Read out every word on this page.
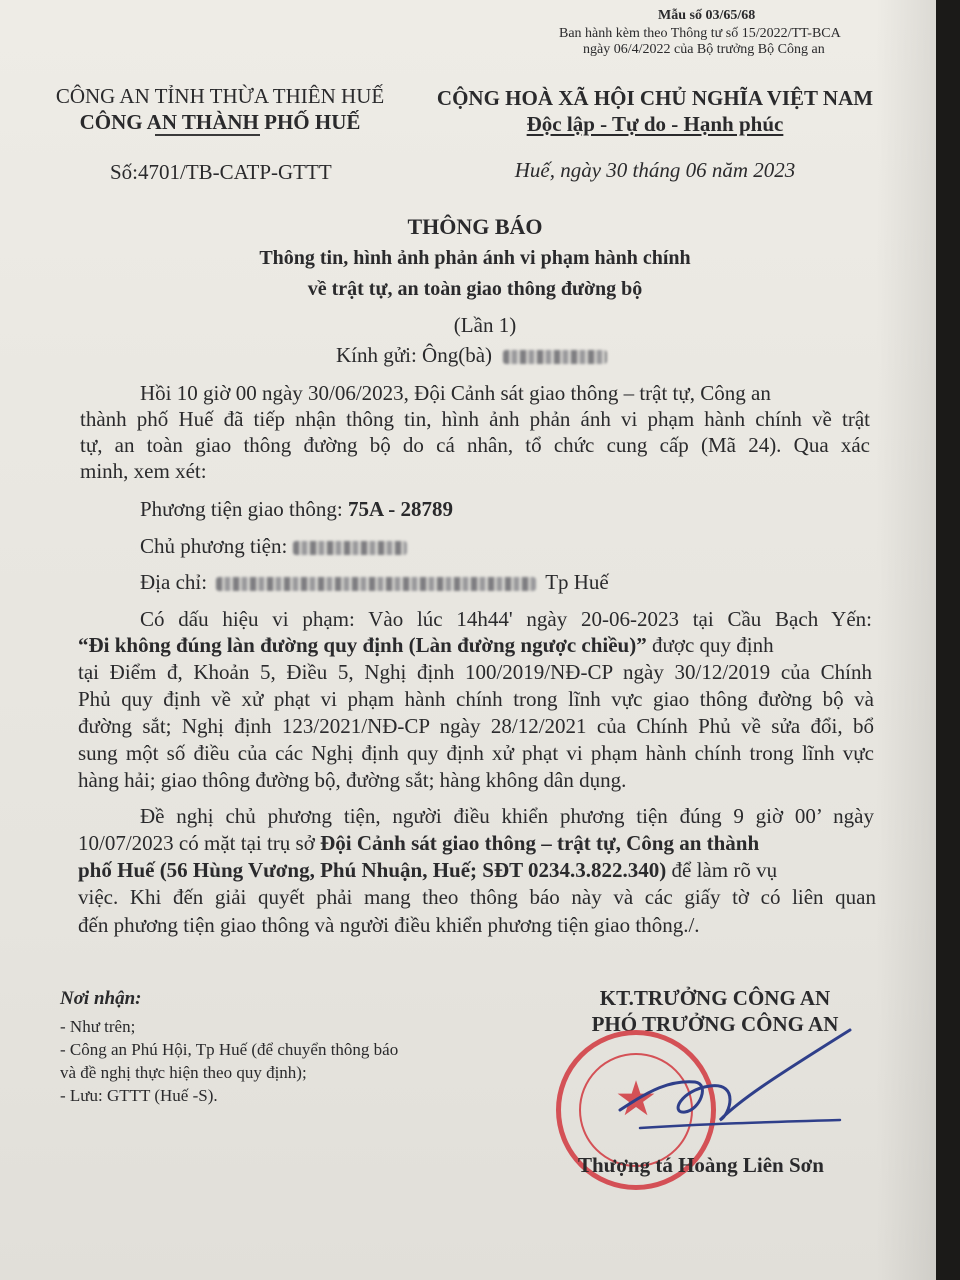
Mẫu số 03/65/68
Ban hành kèm theo Thông tư số 15/2022/TT-BCA
ngày 06/4/2022 của Bộ trưởng Bộ Công an
CÔNG AN TỈNH THỪA THIÊN HUẾ
CÔNG AN THÀNH PHỐ HUẾ
Số:4701/TB-CATP-GTTT
CỘNG HOÀ XÃ HỘI CHỦ NGHĨA VIỆT NAM
Độc lập - Tự do - Hạnh phúc
Huế, ngày 30 tháng 06 năm 2023
THÔNG BÁO
Thông tin, hình ảnh phản ánh vi phạm hành chính
về trật tự, an toàn giao thông đường bộ
(Lần 1)
Kính gửi: Ông(bà)
Hồi 10 giờ 00 ngày 30/06/2023, Đội Cảnh sát giao thông – trật tự, Công an
thành phố Huế đã tiếp nhận thông tin, hình ảnh phản ánh vi phạm hành chính về trật
tự, an toàn giao thông đường bộ do cá nhân, tổ chức cung cấp (Mã 24). Qua xác
minh, xem xét:
Phương tiện giao thông: 75A - 28789
Chủ phương tiện:
Địa chỉ:	Tp Huế
Có dấu hiệu vi phạm: Vào lúc 14h44' ngày 20-06-2023 tại Cầu Bạch Yến:
“Đi không đúng làn đường quy định (Làn đường ngược chiều)” được quy định
tại Điểm đ, Khoản 5, Điều 5, Nghị định 100/2019/NĐ-CP ngày 30/12/2019 của Chính
Phủ quy định về xử phạt vi phạm hành chính trong lĩnh vực giao thông đường bộ và
đường sắt; Nghị định 123/2021/NĐ-CP ngày 28/12/2021 của Chính Phủ về sửa đổi, bổ
sung một số điều của các Nghị định quy định xử phạt vi phạm hành chính trong lĩnh vực
hàng hải; giao thông đường bộ, đường sắt; hàng không dân dụng.
Đề nghị chủ phương tiện, người điều khiển phương tiện đúng 9 giờ 00’ ngày
10/07/2023 có mặt tại trụ sở Đội Cảnh sát giao thông – trật tự, Công an thành
phố Huế (56 Hùng Vương, Phú Nhuận, Huế; SĐT 0234.3.822.340) để làm rõ vụ
việc. Khi đến giải quyết phải mang theo thông báo này và các giấy tờ có liên quan
đến phương tiện giao thông và người điều khiển phương tiện giao thông./.
Nơi nhận:
- Như trên;
- Công an Phú Hội, Tp Huế (để chuyển thông báo
và đề nghị thực hiện theo quy định);
- Lưu: GTTT (Huế -S).
KT.TRƯỞNG CÔNG AN
PHÓ TRƯỞNG CÔNG AN
★
Thượng tá Hoàng Liên Sơn
